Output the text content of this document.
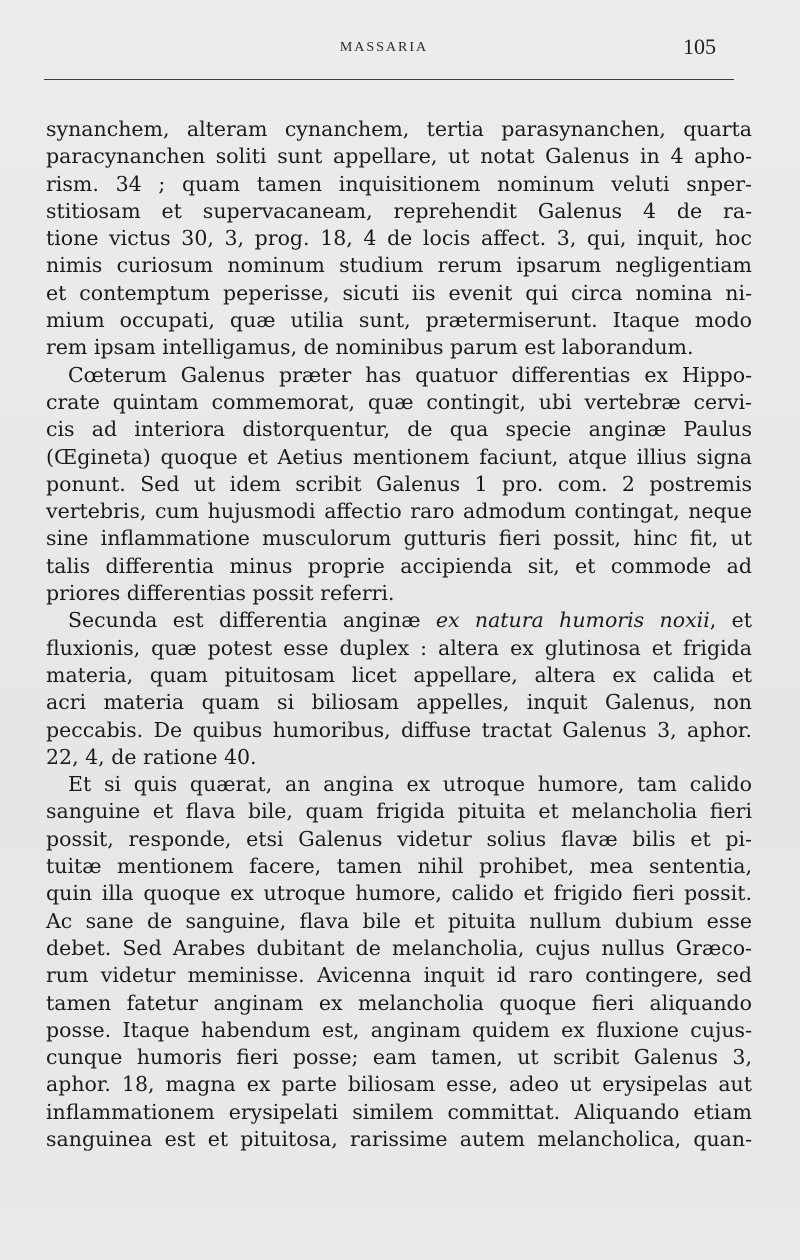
MASSARIA	105
synanchem, alteram cynanchem, tertia parasynanchen, quarta
paracynanchen soliti sunt appellare, ut notat Galenus in 4 apho-
rism. 34 ; quam tamen inquisitionem nominum veluti snper-
stitiosam et supervacaneam, reprehendit Galenus 4 de ra-
tione victus 30, 3, prog. 18, 4 de locis affect. 3, qui, inquit, hoc
nimis curiosum nominum studium rerum ipsarum negligentiam
et contemptum peperisse, sicuti iis evenit qui circa nomina ni-
mium occupati, quæ utilia sunt, prætermiserunt. Itaque modo
rem ipsam intelligamus, de nominibus parum est laborandum.
Cœterum Galenus præter has quatuor differentias ex Hippo-
crate quintam commemorat, quæ contingit, ubi vertebræ cervi-
cis ad interiora distorquentur, de qua specie anginæ Paulus
(Œgineta) quoque et Aetius mentionem faciunt, atque illius signa
ponunt. Sed ut idem scribit Galenus 1 pro. com. 2 postremis
vertebris, cum hujusmodi affectio raro admodum contingat, neque
sine inflammatione musculorum gutturis fieri possit, hinc fit, ut
talis differentia minus proprie accipienda sit, et commode ad
priores differentias possit referri.
Secunda est differentia anginæ ex natura humoris noxii, et
fluxionis, quæ potest esse duplex : altera ex glutinosa et frigida
materia, quam pituitosam licet appellare, altera ex calida et
acri materia quam si biliosam appelles, inquit Galenus, non
peccabis. De quibus humoribus, diffuse tractat Galenus 3, aphor.
22, 4, de ratione 40.
Et si quis quærat, an angina ex utroque humore, tam calido
sanguine et flava bile, quam frigida pituita et melancholia fieri
possit, responde, etsi Galenus videtur solius flavæ bilis et pi-
tuitæ mentionem facere, tamen nihil prohibet, mea sententia,
quin illa quoque ex utroque humore, calido et frigido fieri possit.
Ac sane de sanguine, flava bile et pituita nullum dubium esse
debet. Sed Arabes dubitant de melancholia, cujus nullus Græco-
rum videtur meminisse. Avicenna inquit id raro contingere, sed
tamen fatetur anginam ex melancholia quoque fieri aliquando
posse. Itaque habendum est, anginam quidem ex fluxione cujus-
cunque humoris fieri posse; eam tamen, ut scribit Galenus 3,
aphor. 18, magna ex parte biliosam esse, adeo ut erysipelas aut
inflammationem erysipelati similem committat. Aliquando etiam
sanguinea est et pituitosa, rarissime autem melancholica, quan-
